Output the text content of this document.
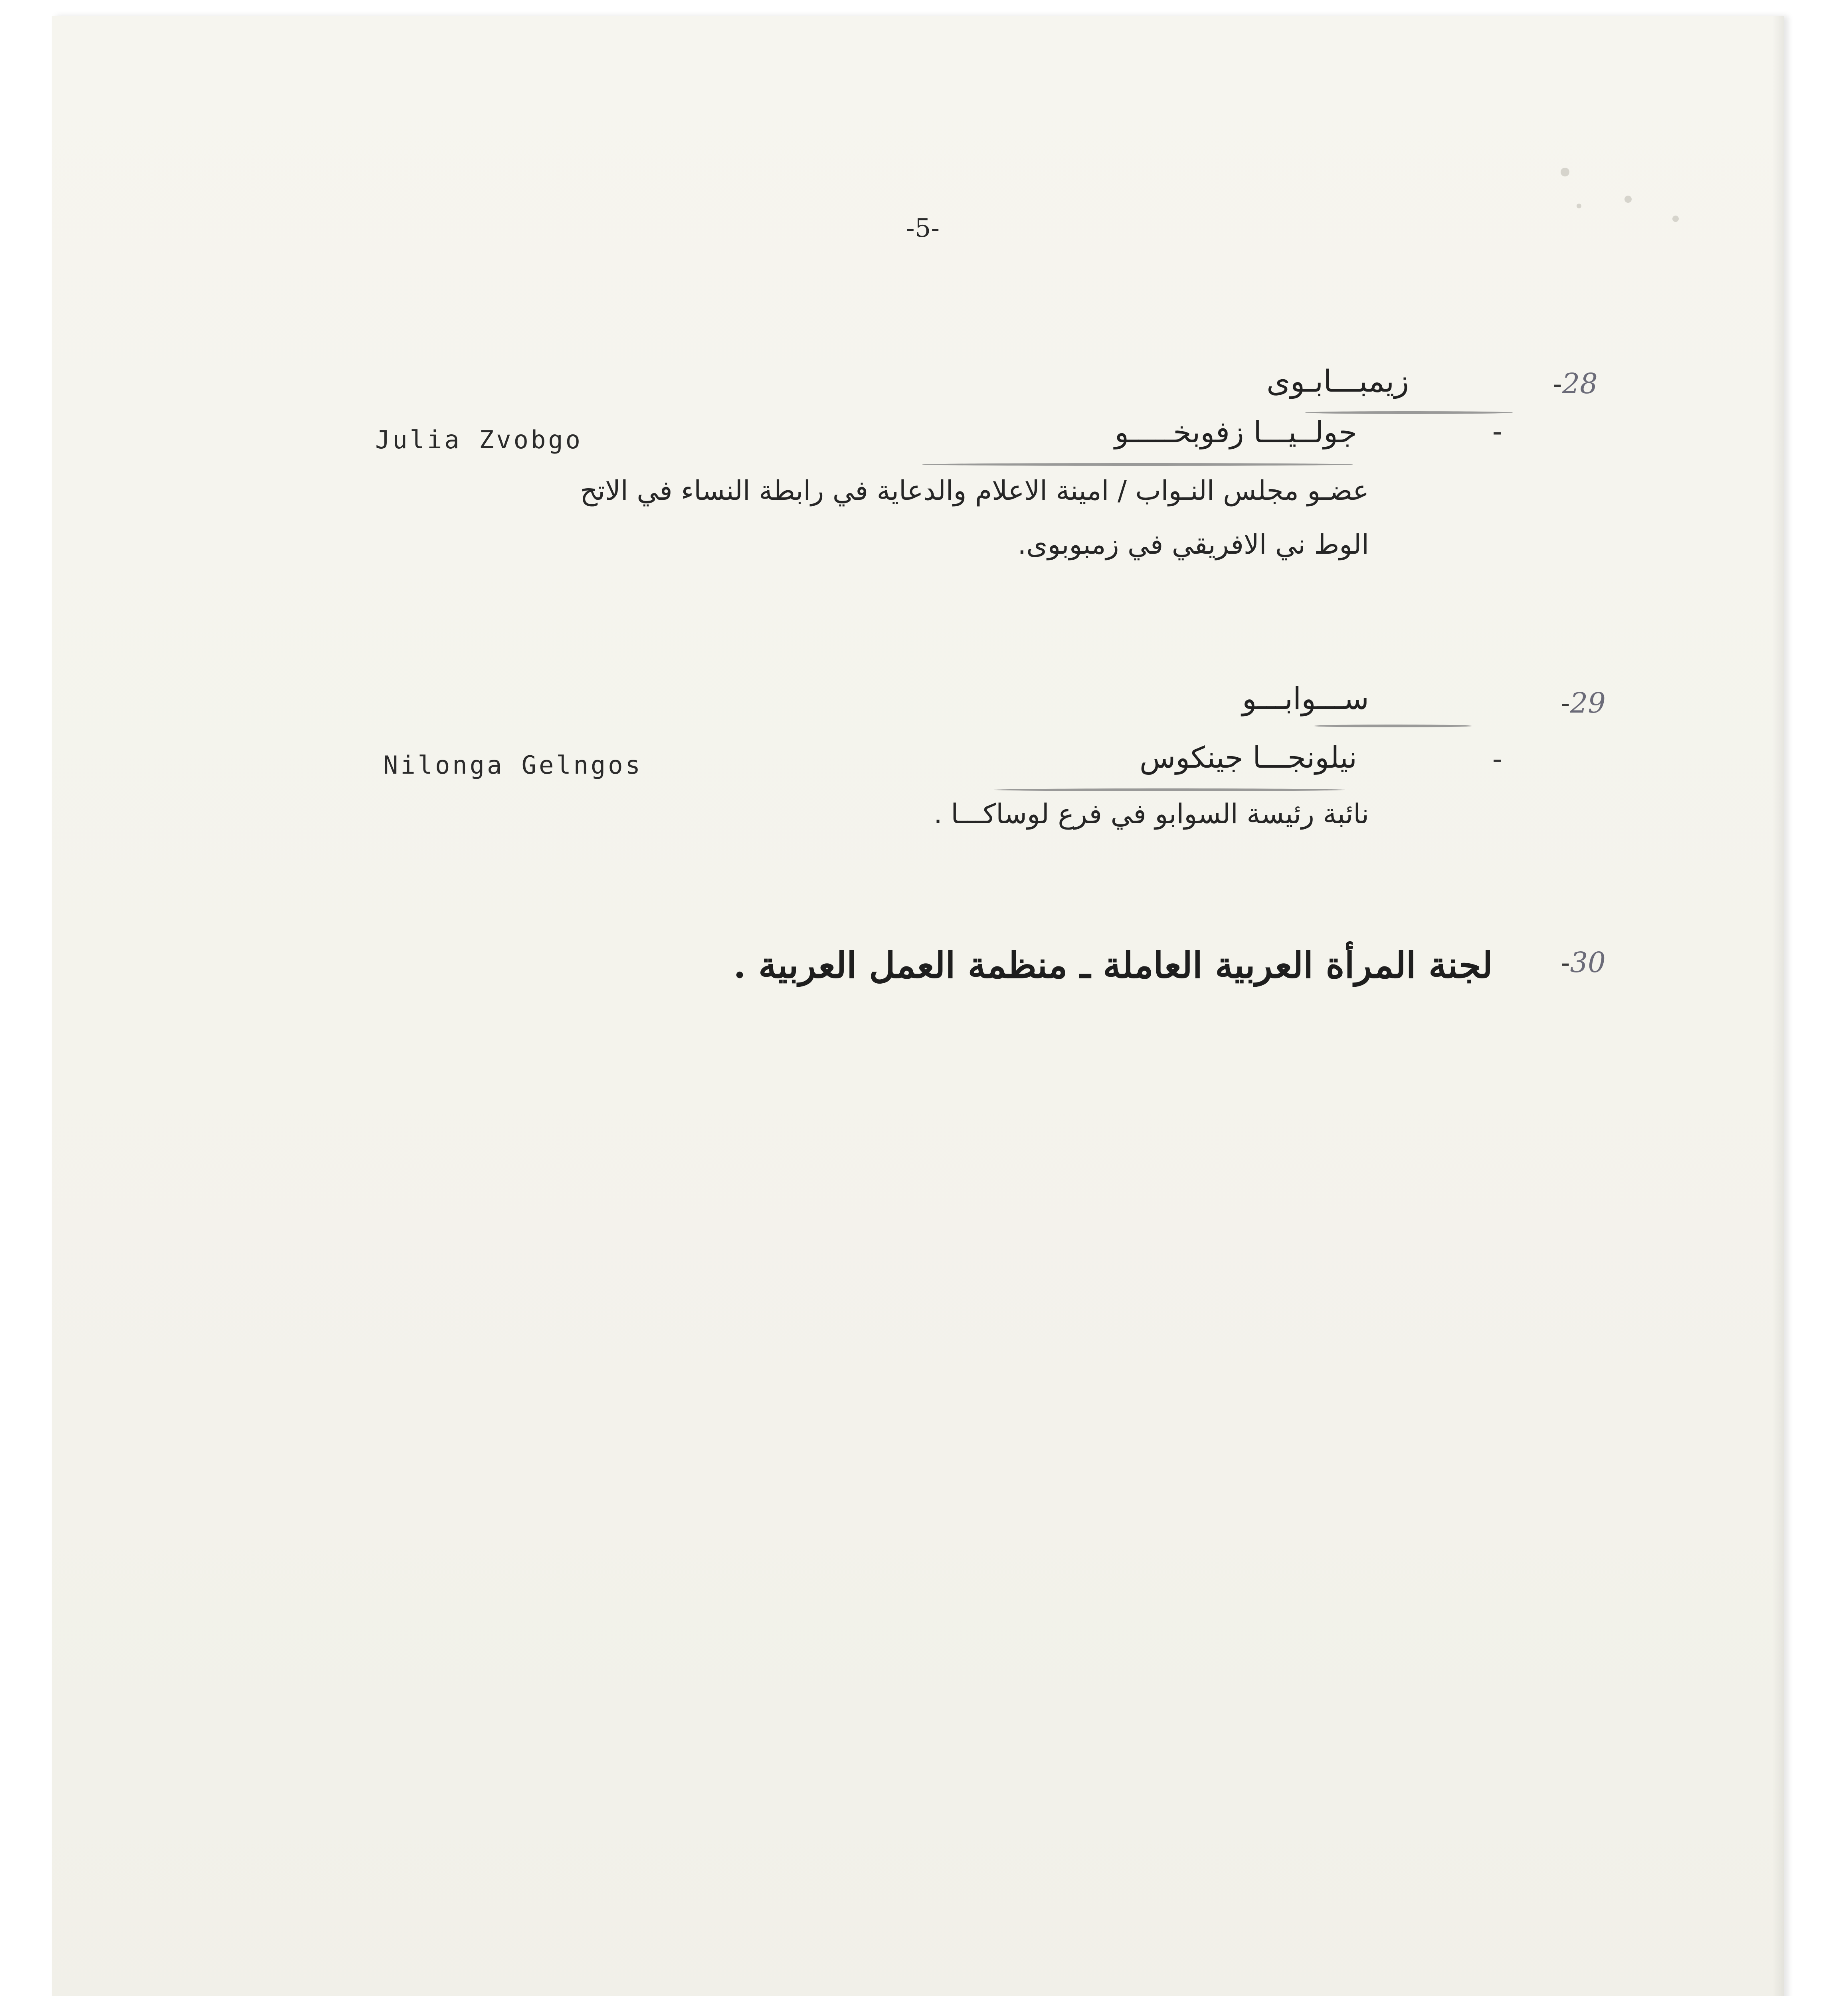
-5-
-28
زيمبـــابـوى
-
جولــيـــا زفوبخـــــو
Julia Zvobgo
عضـو مجلس النـواب / امينة الاعلام والدعاية في رابطة النساء في الاتح
الوط ني الافريقي في زمبوبوى.
-29
ســـوابـــو
-
نيلونجـــا جينكوس
Nilonga Gelngos
نائبة رئيسة السوابو في فرع لوساكـــا .
-30
لجنة المرأة العربية العاملة ـ منظمة العمل العربية .
